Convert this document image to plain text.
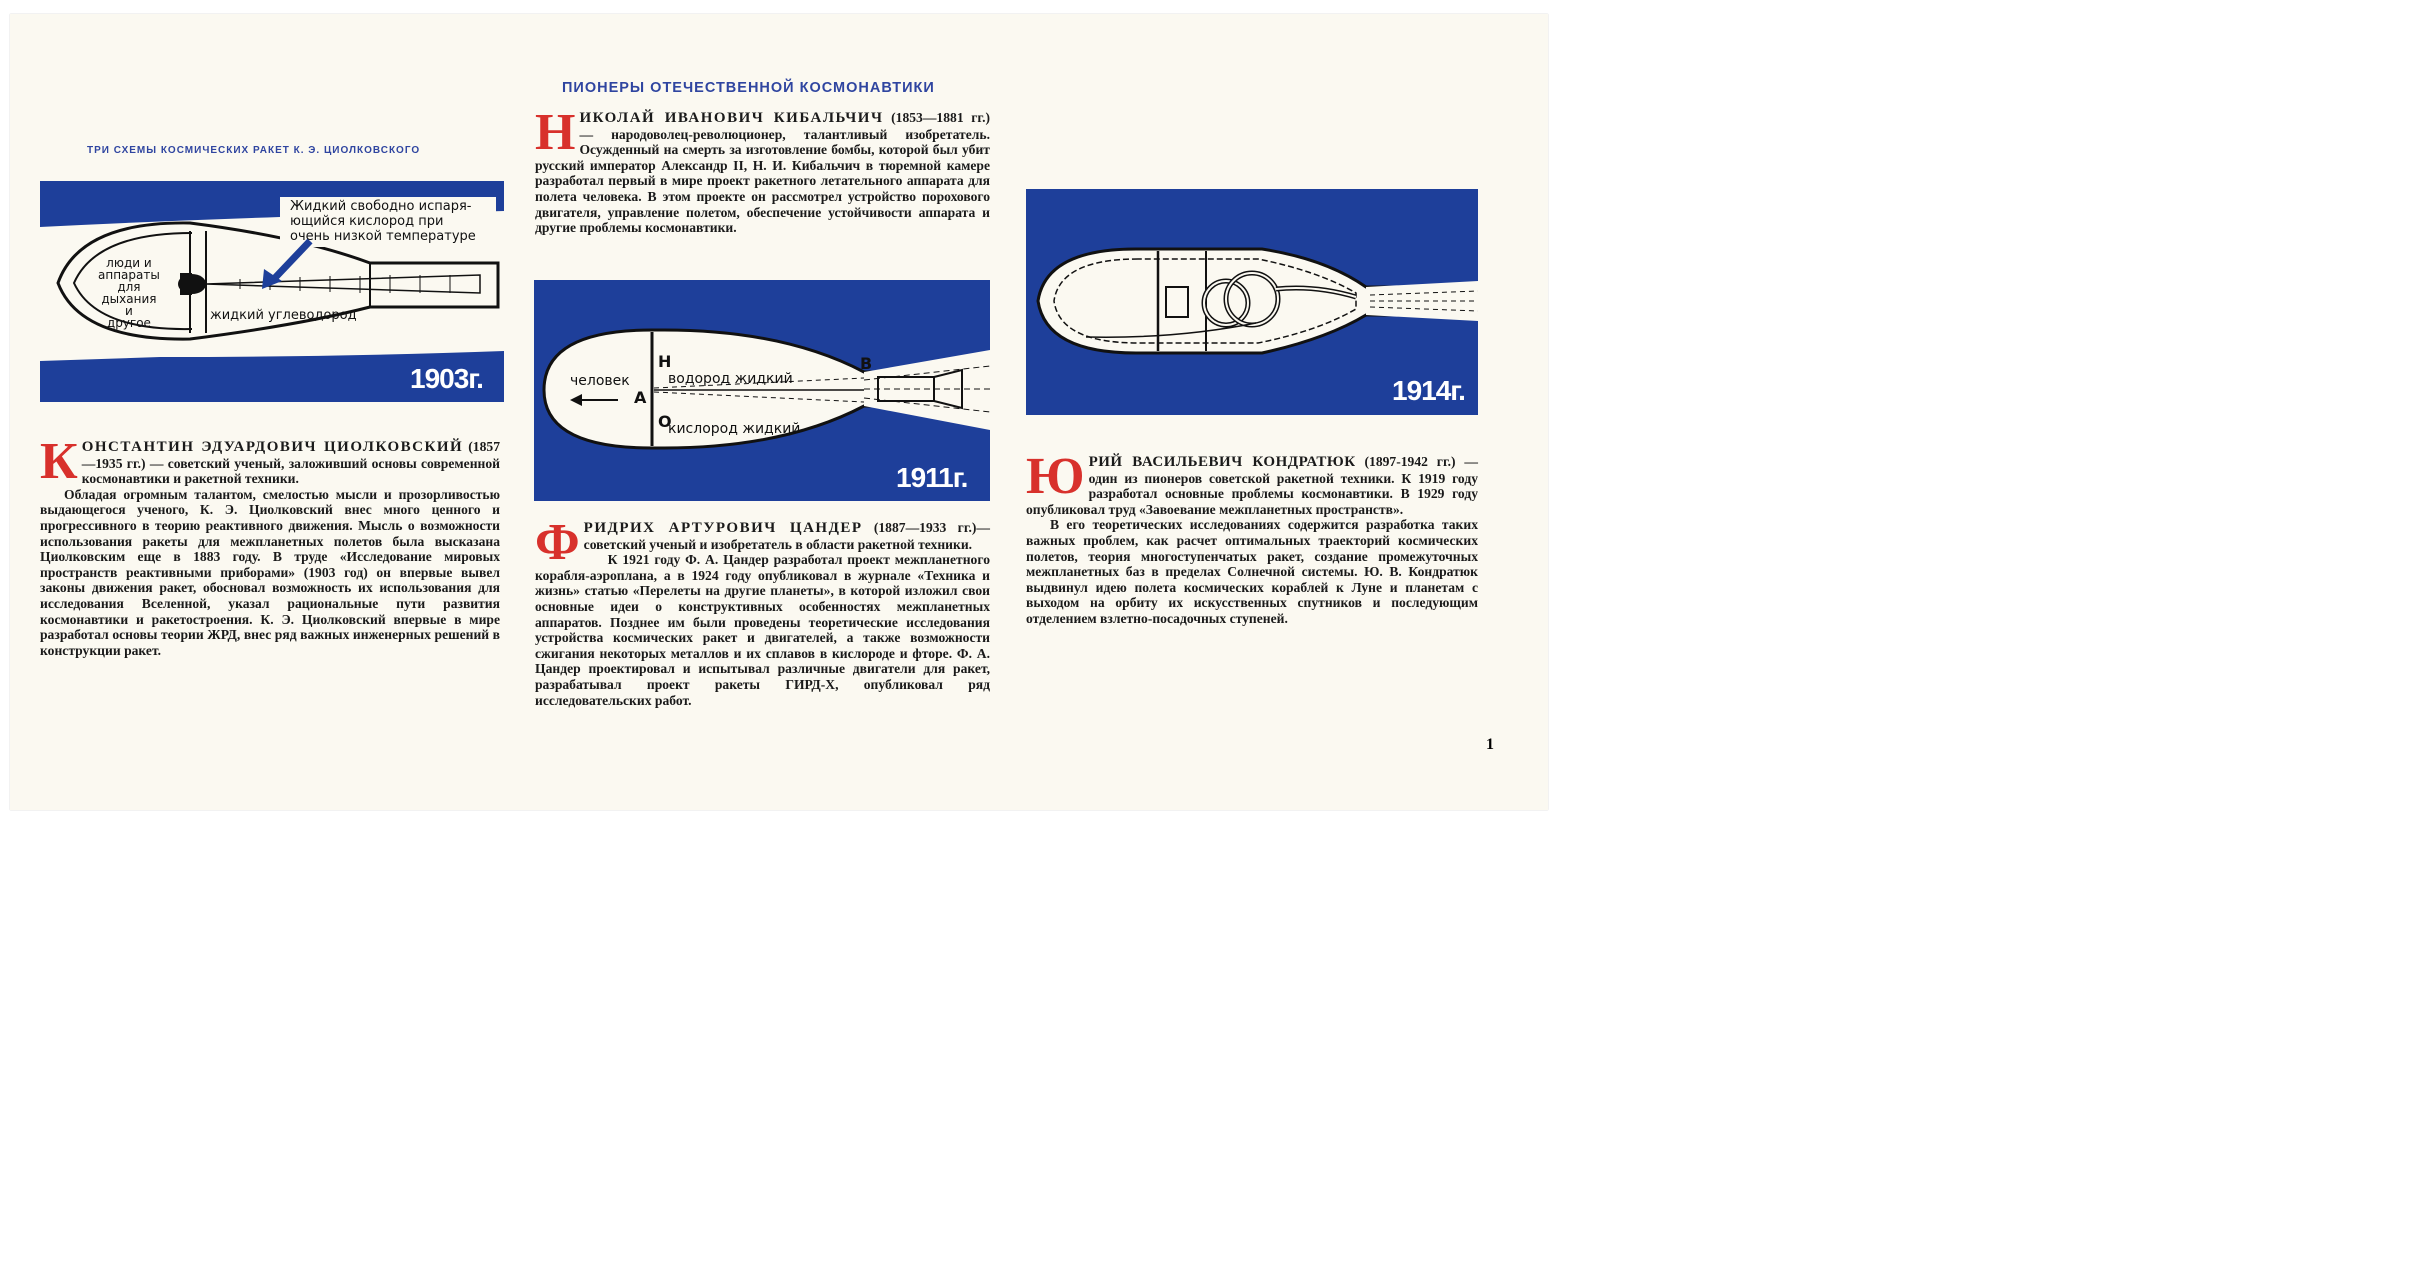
ПИОНЕРЫ ОТЕЧЕСТВЕННОЙ КОСМОНАВТИКИ
ТРИ СХЕМЫ КОСМИЧЕСКИХ РАКЕТ К. Э. ЦИОЛКОВСКОГО
Жидкий свободно испаря-
ющийся кислород при
очень низкой температуре
люди и
аппараты
для
дыхания
и
другое	жидкий углеводород
1903г.
К ОНСТАНТИН ЭДУАРДОВИЧ ЦИОЛКОВСКИЙ (1857—1935 гг.) — советский ученый, заложивший основы современной космонавтики и ракетной техники.
Обладая огромным талантом, смелостью мысли и прозорливостью выдающегося ученого, К. Э. Циолковский внес много ценного и прогрессивного в теорию реактивного движения. Мысль о возможности использования ракеты для межпланетных полетов была высказана Циолковским еще в 1883 году. В труде «Исследование мировых пространств реактивными приборами» (1903 год) он впервые вывел законы движения ракет, обосновал возможность их использования для исследования Вселенной, указал рациональные пути развития космонавтики и ракетостроения. К. Э. Циолковский впервые в мире разработал основы теории ЖРД, внес ряд важных инженерных решений в конструкции ракет.
Н ИКОЛАЙ ИВАНОВИЧ КИБАЛЬЧИЧ (1853—1881 гг.) — народоволец-революционер, талантливый изобретатель. Осужденный на смерть за изготовление бомбы, которой был убит русский император Александр II, Н. И. Кибальчич в тюремной камере разработал первый в мире проект ракетного летательного аппарата для полета человека. В этом проекте он рассмотрел устройство порохового двигателя, управление полетом, обеспечение устойчивости аппарата и другие проблемы космонавтики.
человек
А
Н
О
В
водород жидкий
кислород жидкий
1911г.
Ф РИДРИХ АРТУРОВИЧ ЦАНДЕР (1887—1933 гг.)— советский ученый и изобретатель в области ракетной техники.
К 1921 году Ф. А. Цандер разработал проект межпланетного корабля-аэроплана, а в 1924 году опубликовал в журнале «Техника и жизнь» статью «Перелеты на другие планеты», в которой изложил свои основные идеи о конструктивных особенностях межпланетных аппаратов. Позднее им были проведены теоретические исследования устройства космических ракет и двигателей, а также возможности сжигания некоторых металлов и их сплавов в кислороде и фторе. Ф. А. Цандер проектировал и испытывал различные двигатели для ракет, разрабатывал проект ракеты ГИРД-Х, опубликовал ряд исследовательских работ.
1914г.
Ю РИЙ ВАСИЛЬЕВИЧ КОНДРАТЮК (1897-1942 гг.) — один из пионеров советской ракетной техники. К 1919 году разработал основные проблемы космонавтики. В 1929 году опубликовал труд «Завоевание межпланетных пространств».
В его теоретических исследованиях содержится разработка таких важных проблем, как расчет оптимальных траекторий космических полетов, теория многоступенчатых ракет, создание промежуточных межпланетных баз в пределах Солнечной системы. Ю. В. Кондратюк выдвинул идею полета космических кораблей к Луне и планетам с выходом на орбиту их искусственных спутников и последующим отделением взлетно-посадочных ступеней.
1
